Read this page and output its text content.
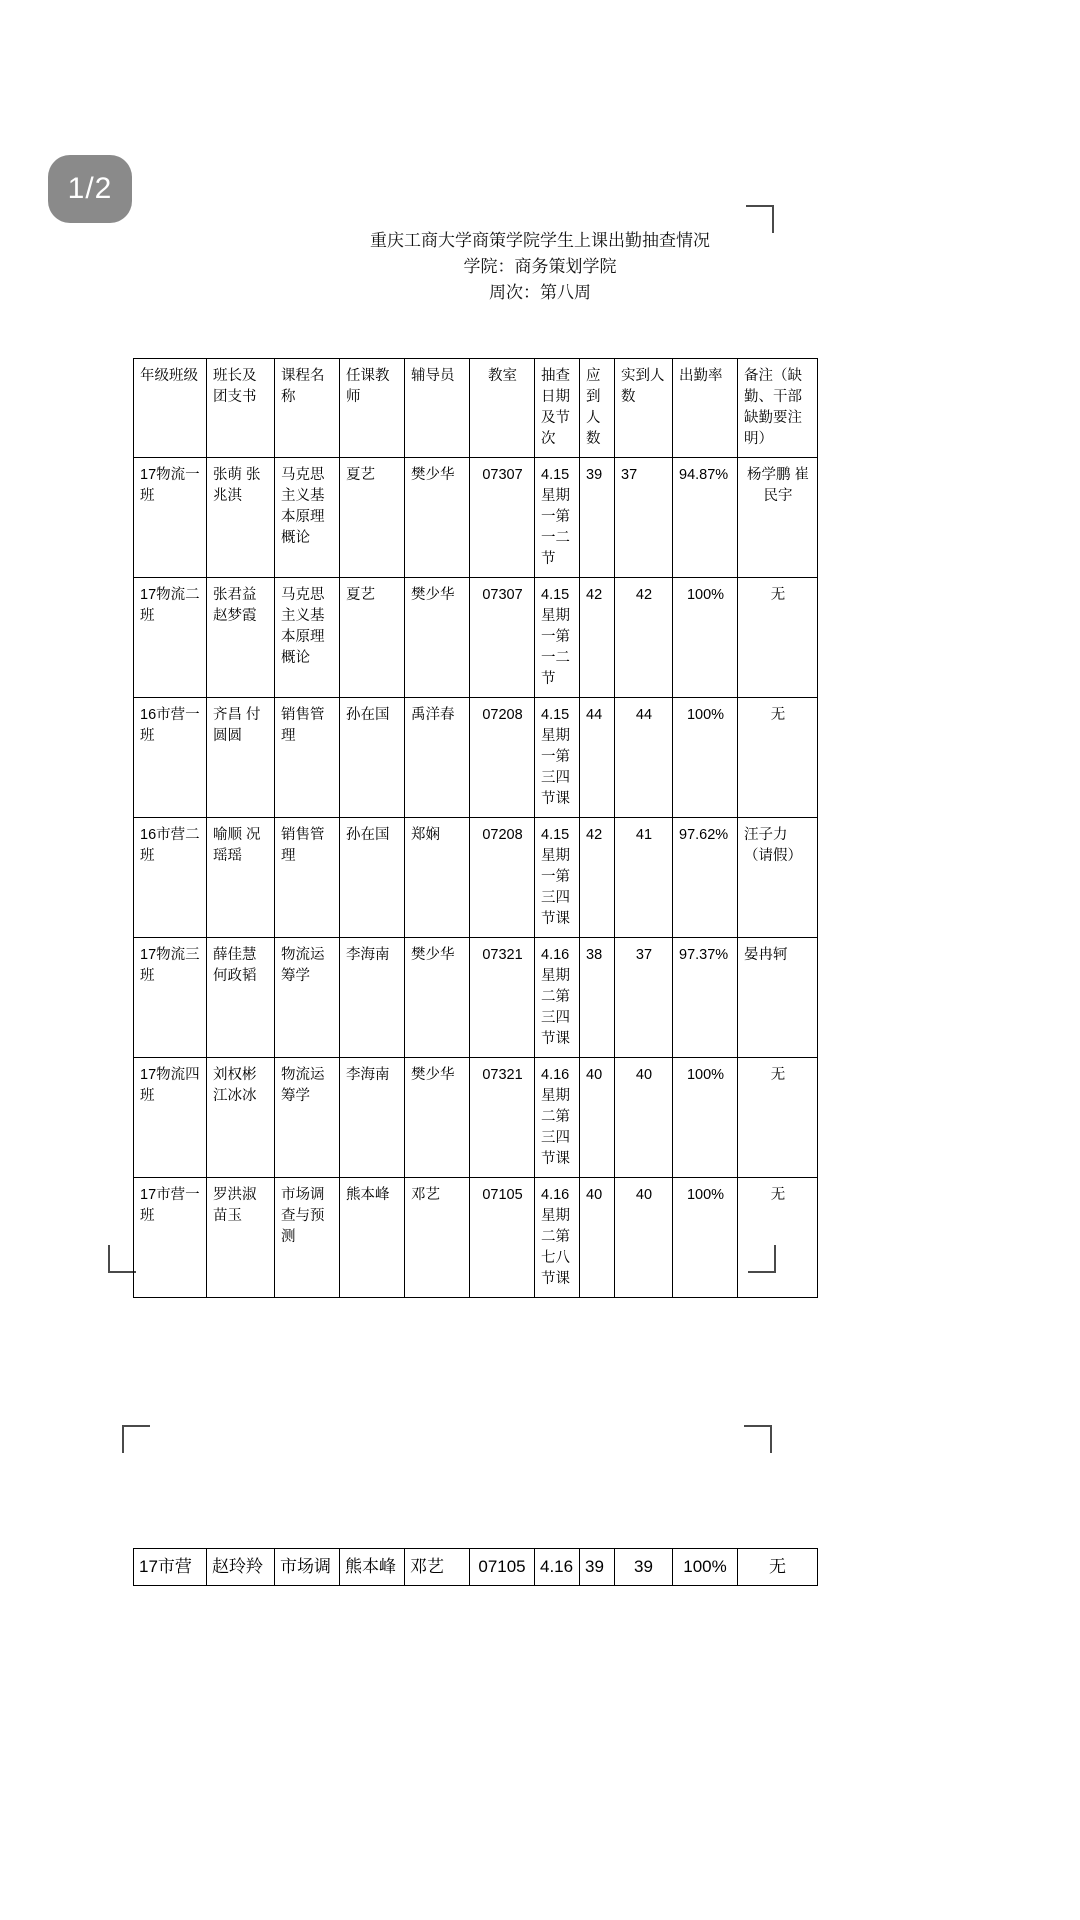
1/2
重庆工商大学商策学院学生上课出勤抽查情况
学院：商务策划学院
周次：第八周
年级班级	班长及团支书	课程名称	任课教师	辅导员	教室	抽查日期及节次	应到人数	实到人数	出勤率	备注（缺勤、干部缺勤要注明）
17物流一班	张萌 张兆淇	马克思主义基本原理概论	夏艺	樊少华	07307	4.15星期一第一二节	39	37	94.87%	杨学鹏 崔民宇
17物流二班	张君益 赵梦霞	马克思主义基本原理概论	夏艺	樊少华	07307	4.15星期一第一二节	42	42	100%	无
16市营一班	齐昌 付圆圆	销售管理	孙在国	禹洋春	07208	4.15星期一第三四节课	44	44	100%	无
16市营二班	喻顺 况瑶瑶	销售管理	孙在国	郑娴	07208	4.15星期一第三四节课	42	41	97.62%	汪子力（请假）
17物流三班	薛佳慧 何政韬	物流运筹学	李海南	樊少华	07321	4.16星期二第三四节课	38	37	97.37%	晏冉轲
17物流四班	刘权彬 江冰冰	物流运筹学	李海南	樊少华	07321	4.16星期二第三四节课	40	40	100%	无
17市营一班	罗洪淑 苗玉	市场调查与预测	熊本峰	邓艺	07105	4.16星期二第七八节课	40	40	100%	无
17市营	赵玲羚	市场调	熊本峰	邓艺	07105	4.16	39	39	100%	无
